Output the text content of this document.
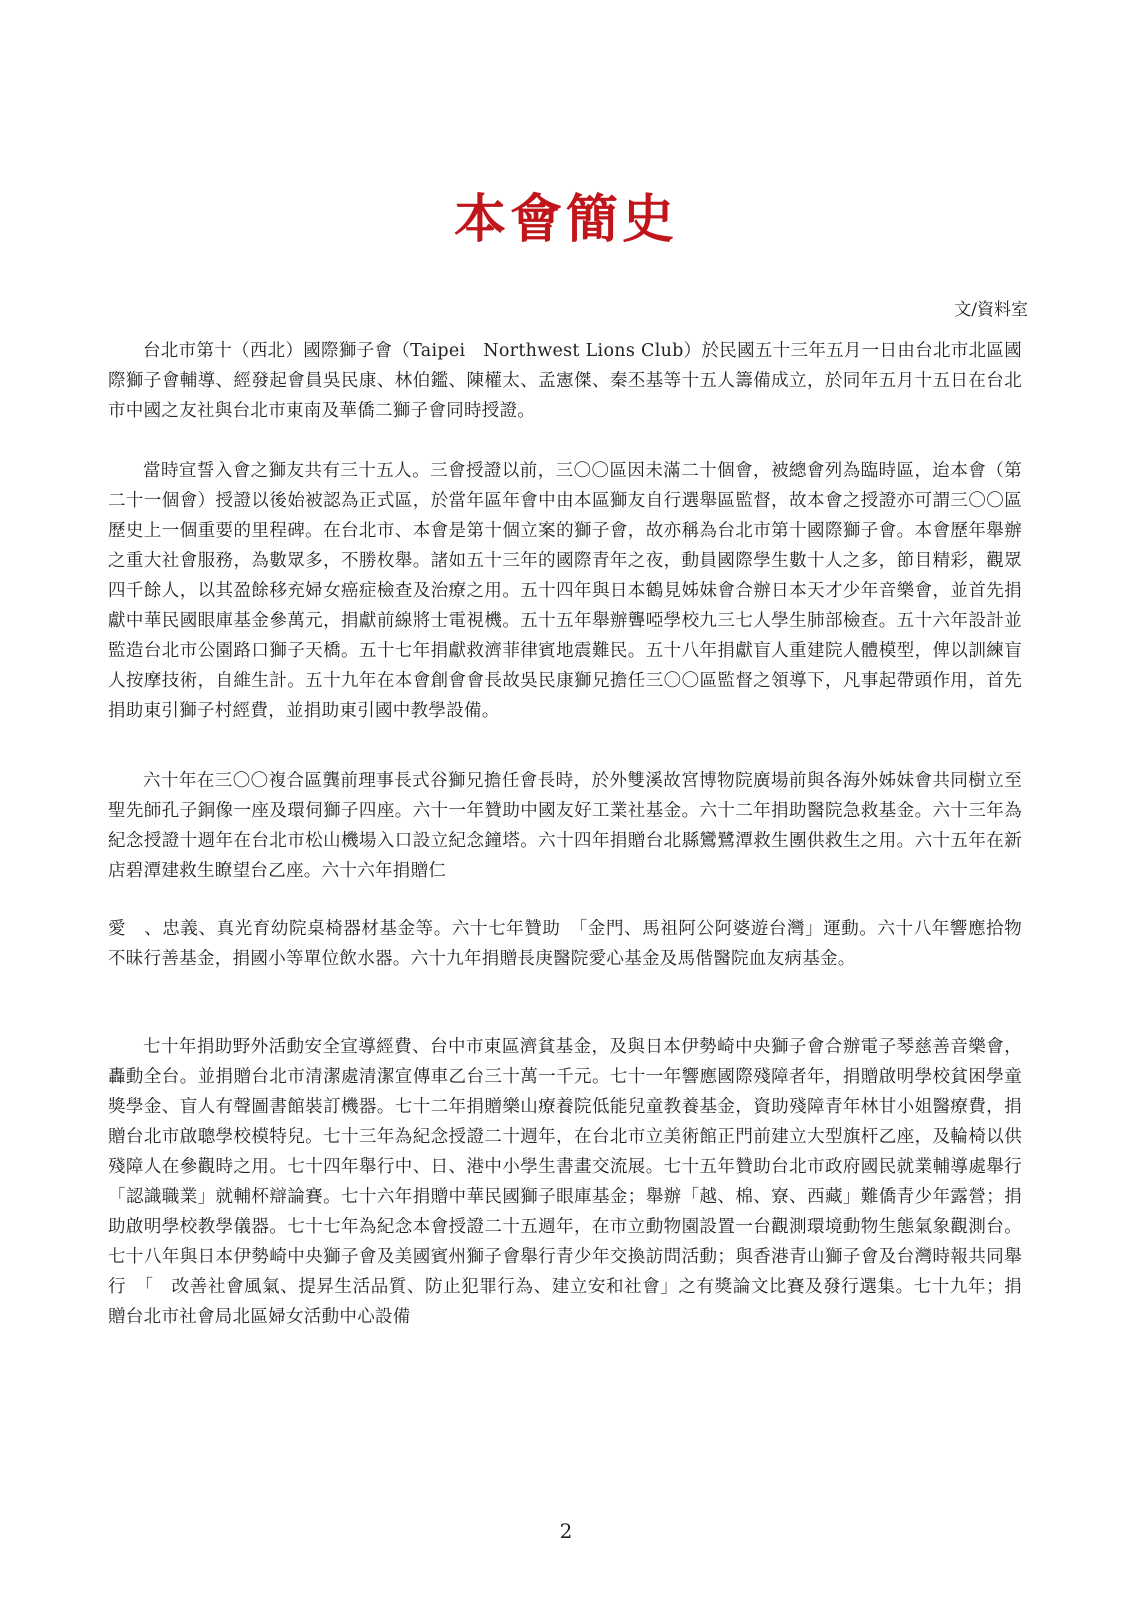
本會簡史

文/資料室

台北市第十（西北）國際獅子會（Taipei　Northwest Lions Club）於民國五十三年五月一日由台北市北區國際獅子會輔導、經發起會員吳民康、林伯鑑、陳權太、孟憲傑、秦丕基等十五人籌備成立，於同年五月十五日在台北市中國之友社與台北市東南及華僑二獅子會同時授證。

當時宣誓入會之獅友共有三十五人。三會授證以前，三〇〇區因未滿二十個會，被總會列為臨時區，迨本會（第二十一個會）授證以後始被認為正式區，於當年區年會中由本區獅友自行選舉區監督，故本會之授證亦可謂三〇〇區歷史上一個重要的里程碑。在台北市、本會是第十個立案的獅子會，故亦稱為台北市第十國際獅子會。本會歷年舉辦之重大社會服務，為數眾多，不勝枚舉。諸如五十三年的國際青年之夜，動員國際學生數十人之多，節目精彩，觀眾四千餘人，以其盈餘移充婦女癌症檢查及治療之用。五十四年與日本鶴見姊妹會合辦日本天才少年音樂會，並首先捐獻中華民國眼庫基金參萬元，捐獻前線將士電視機。五十五年舉辦聾啞學校九三七人學生肺部檢查。五十六年設計並監造台北市公園路口獅子天橋。五十七年捐獻救濟菲律賓地震難民。五十八年捐獻盲人重建院人體模型，俾以訓練盲人按摩技術，自維生計。五十九年在本會創會會長故吳民康獅兄擔任三〇〇區監督之領導下，凡事起帶頭作用，首先捐助東引獅子村經費，並捐助東引國中教學設備。

六十年在三〇〇複合區龔前理事長式谷獅兄擔任會長時，於外雙溪故宮博物院廣場前與各海外姊妹會共同樹立至聖先師孔子銅像一座及環伺獅子四座。六十一年贊助中國友好工業社基金。六十二年捐助醫院急救基金。六十三年為紀念授證十週年在台北市松山機場入口設立紀念鐘塔。六十四年捐贈台北縣鸞鷺潭救生團供救生之用。六十五年在新店碧潭建救生瞭望台乙座。六十六年捐贈仁

愛　、忠義、真光育幼院桌椅器材基金等。六十七年贊助　「金門、馬祖阿公阿婆遊台灣」運動。六十八年響應拾物不昧行善基金，捐國小等單位飲水器。六十九年捐贈長庚醫院愛心基金及馬偕醫院血友病基金。

七十年捐助野外活動安全宣導經費、台中市東區濟貧基金，及與日本伊勢崎中央獅子會合辦電子琴慈善音樂會，轟動全台。並捐贈台北市清潔處清潔宣傳車乙台三十萬一千元。七十一年響應國際殘障者年，捐贈啟明學校貧困學童獎學金、盲人有聲圖書館裝訂機器。七十二年捐贈樂山療養院低能兒童教養基金，資助殘障青年林甘小姐醫療費，捐贈台北市啟聰學校模特兒。七十三年為紀念授證二十週年，在台北市立美術館正門前建立大型旗杆乙座，及輪椅以供殘障人在參觀時之用。七十四年舉行中、日、港中小學生書畫交流展。七十五年贊助台北市政府國民就業輔導處舉行「認識職業」就輔杯辯論賽。七十六年捐贈中華民國獅子眼庫基金；舉辦「越、棉、寮、西藏」難僑青少年露營；捐助啟明學校教學儀器。七十七年為紀念本會授證二十五週年，在市立動物園設置一台觀測環境動物生態氣象觀測台。七十八年與日本伊勢崎中央獅子會及美國賓州獅子會舉行青少年交換訪問活動；與香港青山獅子會及台灣時報共同舉行　「　改善社會風氣、提昇生活品質、防止犯罪行為、建立安和社會」之有獎論文比賽及發行選集。七十九年；捐贈台北市社會局北區婦女活動中心設備

2
